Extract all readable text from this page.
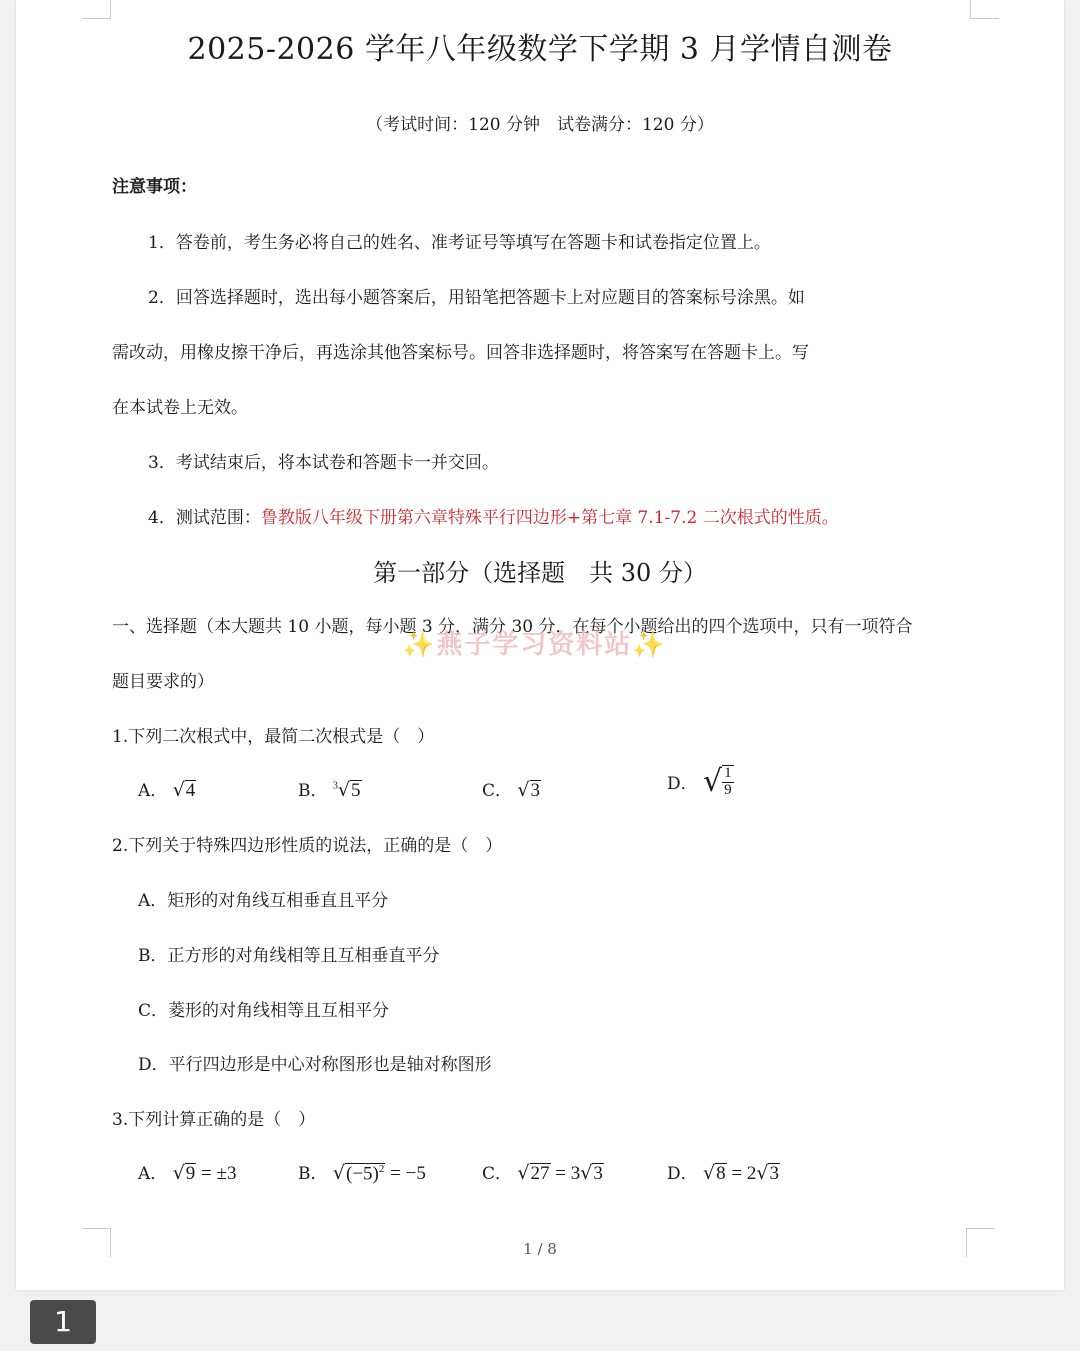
2025-2026 学年八年级数学下学期 3 月学情自测卷
（考试时间：120 分钟　试卷满分：120 分）
注意事项：
1．答卷前，考生务必将自己的姓名、准考证号等填写在答题卡和试卷指定位置上。
2．回答选择题时，选出每小题答案后，用铅笔把答题卡上对应题目的答案标号涂黑。如
需改动，用橡皮擦干净后，再选涂其他答案标号。回答非选择题时，将答案写在答题卡上。写
在本试卷上无效。
3．考试结束后，将本试卷和答题卡一并交回。
4．测试范围：鲁教版八年级下册第六章特殊平行四边形+第七章 7.1-7.2 二次根式的性质。
第一部分（选择题　共 30 分）
一、选择题（本大题共 10 小题，每小题 3 分，满分 30 分．在每个小题给出的四个选项中，只有一项符合
✨燕子学习资料站✨
题目要求的）
1.下列二次根式中，最简二次根式是（　）
A． √4	B． $^3$√5	C． √3	D． √ $\frac{1}{9}$
2.下列关于特殊四边形性质的说法，正确的是（　）
A．矩形的对角线互相垂直且平分
B．正方形的对角线相等且互相垂直平分
C．菱形的对角线相等且互相平分
D．平行四边形是中心对称图形也是轴对称图形
3.下列计算正确的是（　）
A． √9 = ±3	B． $√(-5)^2 = -5$	C． √27 = 3√3	D． √8 = 2√3
1 / 8
1
